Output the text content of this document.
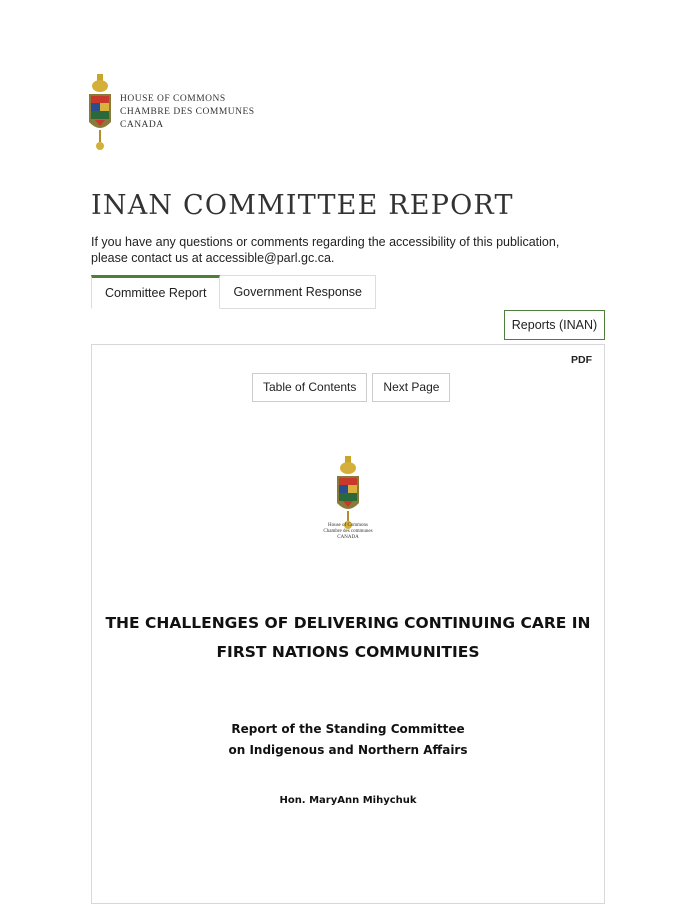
HOUSE OF COMMONS
CHAMBRE DES COMMUNES
CANADA
INAN COMMITTEE REPORT
If you have any questions or comments regarding the accessibility of this publication, please contact us at accessible@parl.gc.ca.
Committee Report	Government Response
Reports (INAN)
PDF
Table of Contents	Next Page
House of Commons
Chambre des communes
CANADA
THE CHALLENGES OF DELIVERING CONTINUING CARE IN
FIRST NATIONS COMMUNITIES
Report of the Standing Committee
on Indigenous and Northern Affairs
Hon. MaryAnn Mihychuk
